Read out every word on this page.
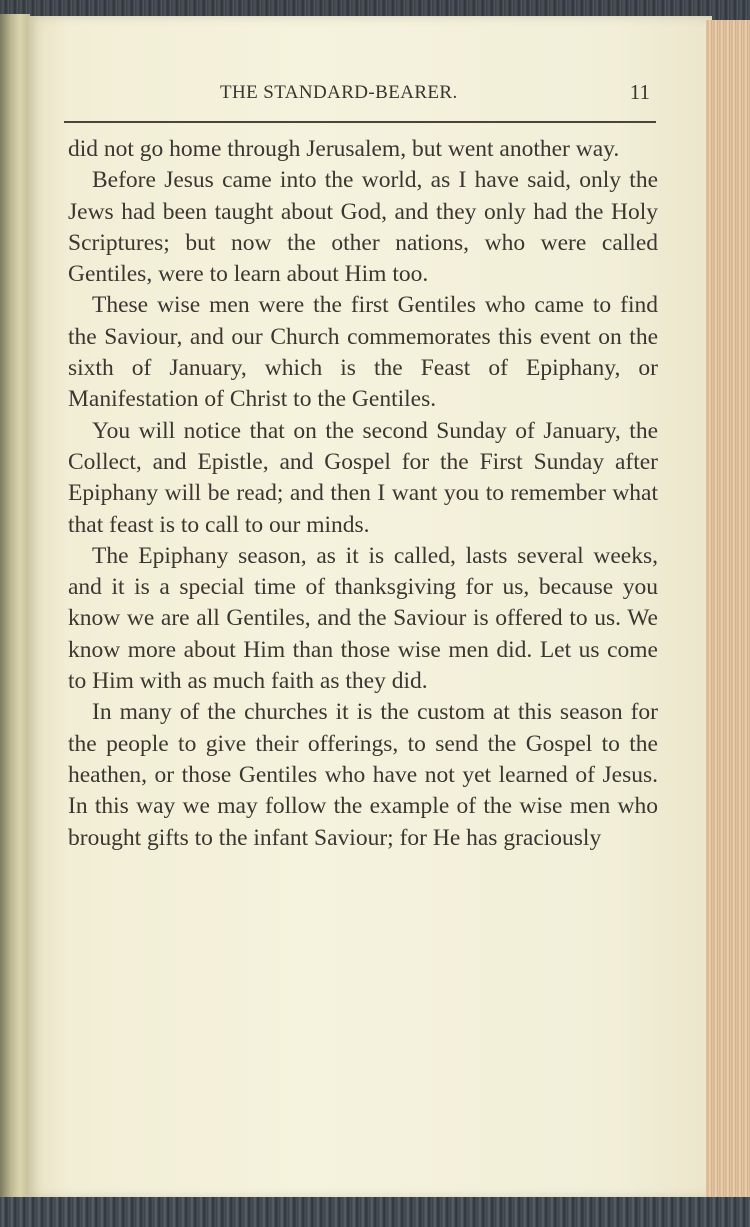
THE STANDARD-BEARER.	11

did not go home through Jerusalem, but went another way.

Before Jesus came into the world, as I have said, only the Jews had been taught about God, and they only had the Holy Scriptures; but now the other nations, who were called Gentiles, were to learn about Him too.

These wise men were the first Gentiles who came to find the Saviour, and our Church commemorates this event on the sixth of January, which is the Feast of Epiphany, or Manifestation of Christ to the Gentiles.

You will notice that on the second Sunday of January, the Collect, and Epistle, and Gospel for the First Sunday after Epiphany will be read; and then I want you to remember what that feast is to call to our minds.

The Epiphany season, as it is called, lasts several weeks, and it is a special time of thanksgiving for us, because you know we are all Gentiles, and the Saviour is offered to us. We know more about Him than those wise men did. Let us come to Him with as much faith as they did.

In many of the churches it is the custom at this season for the people to give their offerings, to send the Gospel to the heathen, or those Gentiles who have not yet learned of Jesus. In this way we may follow the example of the wise men who brought gifts to the infant Saviour; for He has graciously
